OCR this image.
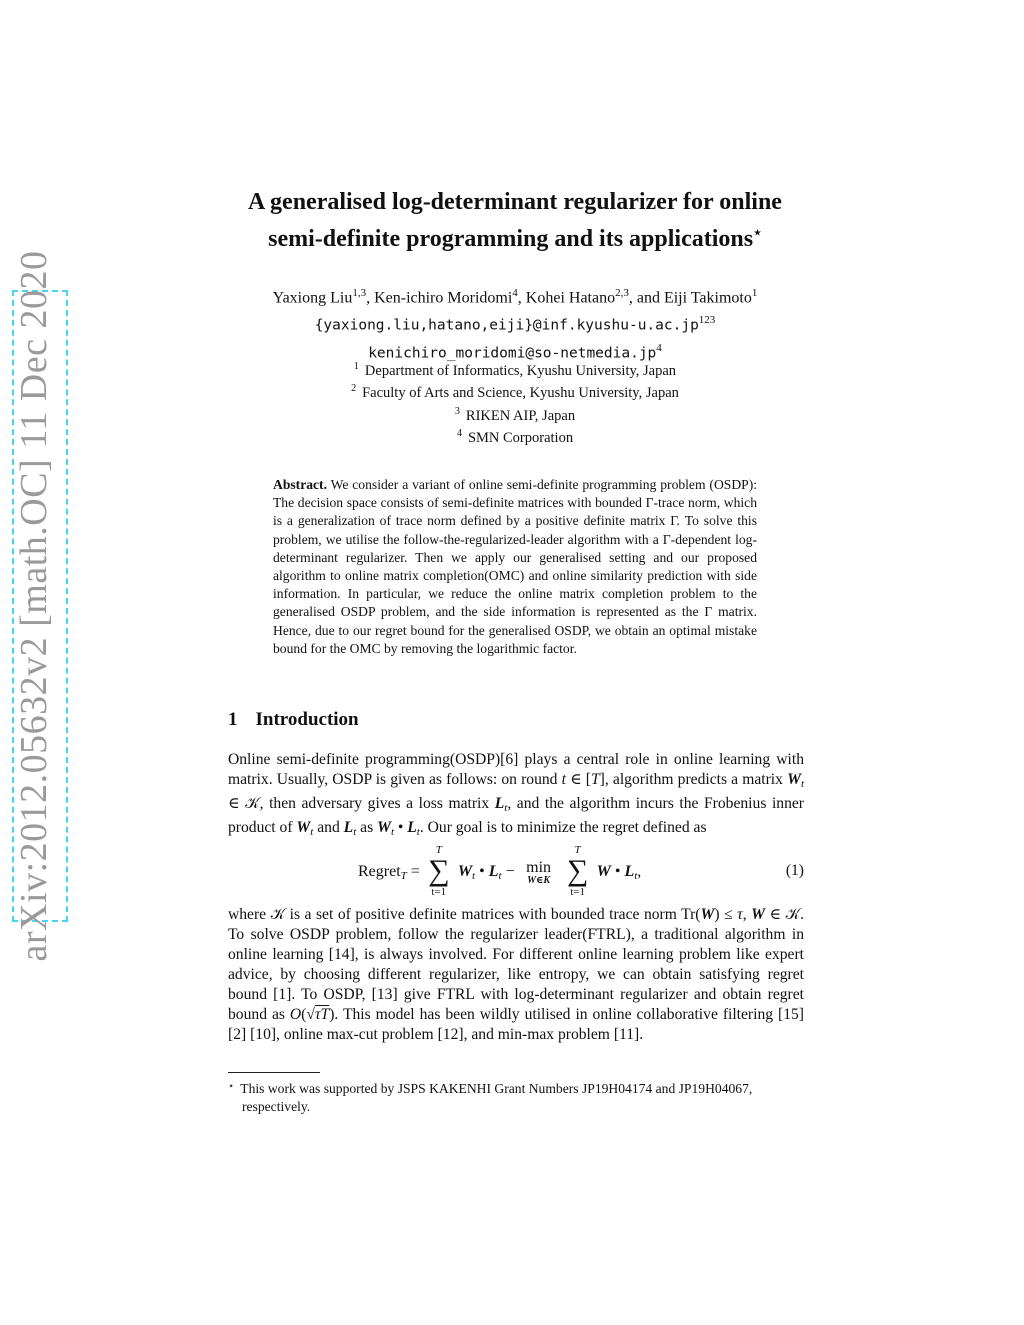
arXiv:2012.05632v2 [math.OC] 11 Dec 2020
A generalised log-determinant regularizer for online
semi-definite programming and its applications⋆
Yaxiong Liu$^{1,3}$, Ken-ichiro Moridomi$^4$, Kohei Hatano$^{2,3}$, and Eiji Takimoto$^1$
$\{yaxiong.liu,hatano,eiji\}@inf.kyushu-u.ac.jp^{123}$
$kenichiro\_moridomi@so-netmedia.jp^4$
$^1$ Department of Informatics, Kyushu University, Japan
$^2$ Faculty of Arts and Science, Kyushu University, Japan
$^3$ RIKEN AIP, Japan
$^4$ SMN Corporation
Abstract. We consider a variant of online semi-definite programming problem (OSDP): The decision space consists of semi-definite matrices with bounded Γ-trace norm, which is a generalization of trace norm defined by a positive definite matrix Γ. To solve this problem, we utilise the follow-the-regularized-leader algorithm with a Γ-dependent log-determinant regularizer. Then we apply our generalised setting and our proposed algorithm to online matrix completion(OMC) and online similarity prediction with side information. In particular, we reduce the online matrix completion problem to the generalised OSDP problem, and the side information is represented as the Γ matrix. Hence, due to our regret bound for the generalised OSDP, we obtain an optimal mistake bound for the OMC by removing the logarithmic factor.
1 Introduction
Online semi-definite programming(OSDP)[6] plays a central role in online learning with matrix. Usually, OSDP is given as follows: on round t ∈ [T], algorithm predicts a matrix $W_t$ ∈ 𝒦, then adversary gives a loss matrix $L_t$, and the algorithm incurs the Frobenius inner product of $W_t$ and $L_t$ as $W_t$ • $L_t$. Our goal is to minimize the regret defined as
Regret$_T$ =
T
∑
t=1
$W_t$ • $L_t - \min$
W∈K

T
∑
t=1
W • $L_t$,	(1)
where 𝒦 is a set of positive definite matrices with bounded trace norm Tr(W) ≤ τ, W ∈ 𝒦. To solve OSDP problem, follow the regularizer leader(FTRL), a traditional algorithm in online learning [14], is always involved. For different online learning problem like expert advice, by choosing different regularizer, like entropy, we can obtain satisfying regret bound [1]. To OSDP, [13] give FTRL with log-determinant regularizer and obtain regret bound as O(√τT). This model has been wildly utilised in online collaborative filtering [15] [2] [10], online max-cut problem [12], and min-max problem [11].
⋆ This work was supported by JSPS KAKENHI Grant Numbers JP19H04174 and JP19H04067,
respectively.
